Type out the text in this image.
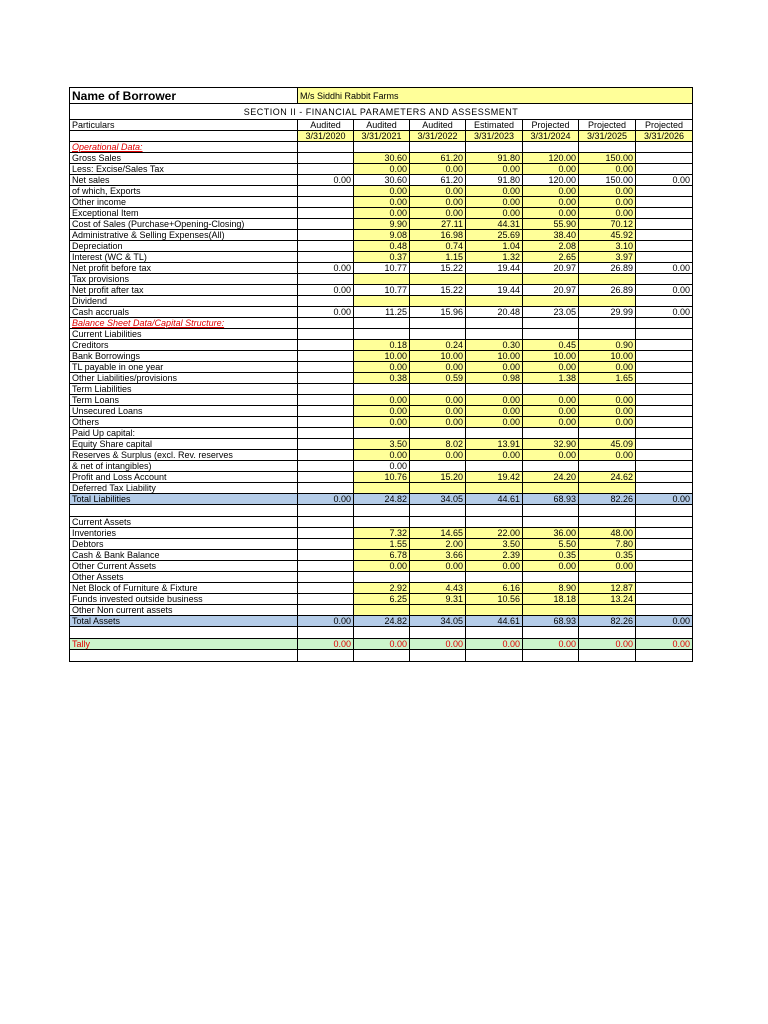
Name of Borrower	M/s Siddhi Rabbit Farms						
SECTION II - FINANCIAL PARAMETERS AND ASSESSMENT							
Particulars	Audited	Audited	Audited	Estimated	Projected	Projected	Projected
	3/31/2020	3/31/2021	3/31/2022	3/31/2023	3/31/2024	3/31/2025	3/31/2026
Operational Data:							
Gross Sales		30.60	61.20	91.80	120.00	150.00	
Less: Excise/Sales Tax		0.00	0.00	0.00	0.00	0.00	
Net sales	0.00	30.60	61.20	91.80	120.00	150.00	0.00
of which, Exports		0.00	0.00	0.00	0.00	0.00	
Other income		0.00	0.00	0.00	0.00	0.00	
Exceptional Item		0.00	0.00	0.00	0.00	0.00	
Cost of Sales (Purchase+Opening-Closing)		9.90	27.11	44.31	55.90	70.12	
Administrative & Selling Expenses(All)		9.08	16.98	25.69	38.40	45.92	
Depreciation		0.48	0.74	1.04	2.08	3.10	
Interest (WC & TL)		0.37	1.15	1.32	2.65	3.97	
Net profit before tax	0.00	10.77	15.22	19.44	20.97	26.89	0.00
Tax provisions							
Net profit after tax	0.00	10.77	15.22	19.44	20.97	26.89	0.00
Dividend							
Cash accruals	0.00	11.25	15.96	20.48	23.05	29.99	0.00
Balance Sheet Data/Capital Structure:							
Current Liabilities							
Creditors		0.18	0.24	0.30	0.45	0.90	
Bank Borrowings		10.00	10.00	10.00	10.00	10.00	
TL payable in one year		0.00	0.00	0.00	0.00	0.00	
Other Liabilities/provisions		0.38	0.59	0.98	1.38	1.65	
Term Liabilities							
Term Loans		0.00	0.00	0.00	0.00	0.00	
Unsecured Loans		0.00	0.00	0.00	0.00	0.00	
Others		0.00	0.00	0.00	0.00	0.00	
Paid Up capital:							
Equity Share capital		3.50	8.02	13.91	32.90	45.09	
Reserves & Surplus (excl. Rev. reserves		0.00	0.00	0.00	0.00	0.00	
& net of intangibles)		0.00					
Profit and Loss Account		10.76	15.20	19.42	24.20	24.62	
Deferred Tax Liability							
Total Liabilities	0.00	24.82	34.05	44.61	68.93	82.26	0.00

Current Assets							
Inventories		7.32	14.65	22.00	36.00	48.00	
Debtors		1.55	2.00	3.50	5.50	7.80	
Cash & Bank Balance		6.78	3.66	2.39	0.35	0.35	
Other Current Assets		0.00	0.00	0.00	0.00	0.00	
Other Assets							
Net Block of Furniture & Fixture		2.92	4.43	6.16	8.90	12.87	
Funds invested outside business		6.25	9.31	10.56	18.18	13.24	
Other Non current assets							
Total Assets	0.00	24.82	34.05	44.61	68.93	82.26	0.00

Tally	0.00	0.00	0.00	0.00	0.00	0.00	0.00
